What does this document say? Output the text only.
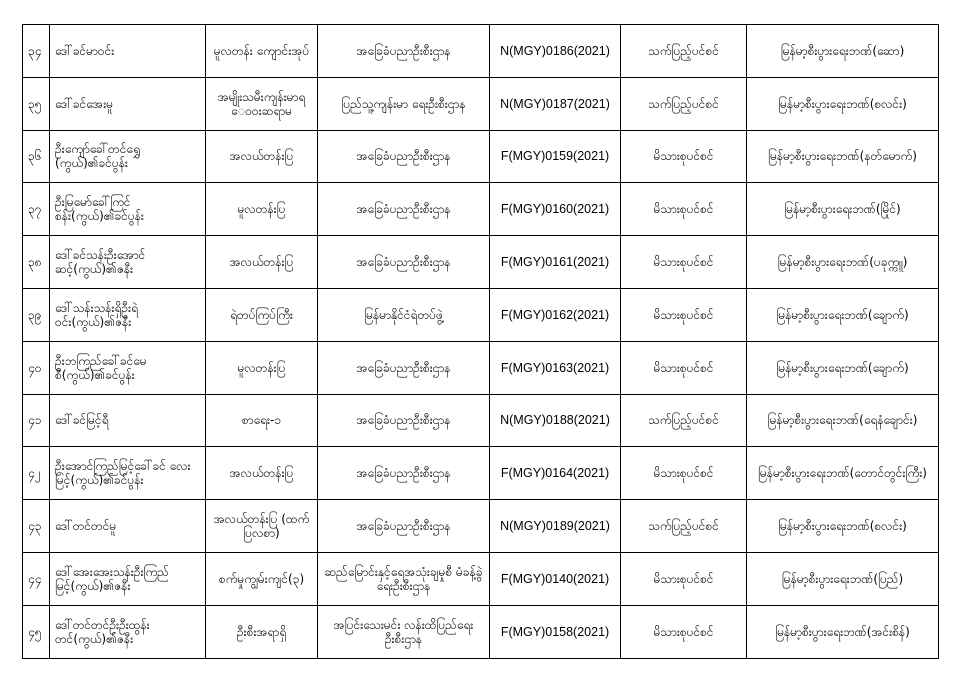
၃၄	ဒေါ်ခင်မာဝင်း	မူလတန်း ကျောင်းအုပ်	အခြေခံပညာဦးစီးဌာန	N(MGY)0186(2021)	သက်ပြည့်ပင်စင်	မြန်မာ့စီးပွားရေးဘဏ်(ဆော)
၃၅	ဒေါ်ခင်အေးမူ	အမျိုးသမီးကျန်းမာရ ေဝဝးဆရာမ	ပြည်သူ့ကျန်းမာ ရေးဦးစီးဌာန	N(MGY)0187(2021)	သက်ပြည့်ပင်စင်	မြန်မာ့စီးပွားရေးဘဏ်(စလင်း)
၃၆	ဦးကျော်ခေါ်တင်ရွှေ (ကွယ်)၏ခင်ပွန်း	အလယ်တန်းပြ	အခြေခံပညာဦးစီးဌာန	F(MGY)0159(2021)	မိသားစုပင်စင်	မြန်မာ့စီးပွားရေးဘဏ်(နတ်မောက်)
၃၇	ဦးမြမော်ခေါ်ကြင် စန်း(ကွယ်)၏ခင်ပွန်း	မူလတန်းပြ	အခြေခံပညာဦးစီးဌာန	F(MGY)0160(2021)	မိသားစုပင်စင်	မြန်မာ့စီးပွားရေးဘဏ်(မြိုင်)
၃၈	ဒေါ်ခင်သန်းဦးအောင် ဆင့်(ကွယ်)၏ဇနီး	အလယ်တန်းပြ	အခြေခံပညာဦးစီးဌာန	F(MGY)0161(2021)	မိသားစုပင်စင်	မြန်မာ့စီးပွားရေးဘဏ်(ပခုက္ကူ)
၃၉	ဒေါ်သန်းသန်းရှိဦးရဲ ဝင်း(ကွယ်)၏ဇနီး	ရဲတပ်ကြပ်ကြီး	မြန်မာနိုင်ငံရဲတပ်ဖွဲ့	F(MGY)0162(2021)	မိသားစုပင်စင်	မြန်မာ့စီးပွားရေးဘဏ်(ချောက်)
၄၀	ဦးဘကြည်ခေါ်ခင်မေ စီ(ကွယ်)၏ခင်ပွန်း	မူလတန်းပြ	အခြေခံပညာဦးစီးဌာန	F(MGY)0163(2021)	မိသားစုပင်စင်	မြန်မာ့စီးပွားရေးဘဏ်(ချောက်)
၄၁	ဒေါ်ခင်မြင့်ရီ	စာရေး-၁	အခြေခံပညာဦးစီးဌာန	N(MGY)0188(2021)	သက်ပြည့်ပင်စင်	မြန်မာ့စီးပွားရေးဘဏ်(ရေနံချောင်း)
၄၂	ဦးအောင်ကြည်မြင့်ခေါ်ခင် လေးမြင့်(ကွယ်)၏ခင်ပွန်း	အလယ်တန်းပြ	အခြေခံပညာဦးစီးဌာန	F(MGY)0164(2021)	မိသားစုပင်စင်	မြန်မာ့စီးပွားရေးဘဏ်(တောင်တွင်းကြီး)
၄၃	ဒေါ်တင်တင်မူ	အလယ်တန်းပြ (ထက်ပြလစာ)	အခြေခံပညာဦးစီးဌာန	N(MGY)0189(2021)	သက်ပြည့်ပင်စင်	မြန်မာ့စီးပွားရေးဘဏ်(စလင်း)
၄၄	ဒေါ်အေးအေးသန်းဦးကြည် မြင့်(ကွယ်)၏ဇနီး	စက်မှုကျွမ်းကျင်(၃)	ဆည်မြောင်းနှင့်ရေအသုံးချမှုစီ မံခန့်ခွဲရေးဦးစီးဌာန	F(MGY)0140(2021)	မိသားစုပင်စင်	မြန်မာ့စီးပွားရေးဘဏ်(ပြည်)
၄၅	ဒေါ်တင်တင်ဦးဦးထွန်း တင်(ကွယ်)၏ဇနီး	ဦးစီးအရာရှိ	အပြင်းသေးမင်း လန်းထိပြည်ရေးဦးစီးဌာန	F(MGY)0158(2021)	မိသားစုပင်စင်	မြန်မာ့စီးပွားရေးဘဏ်(အင်းစိန်)
